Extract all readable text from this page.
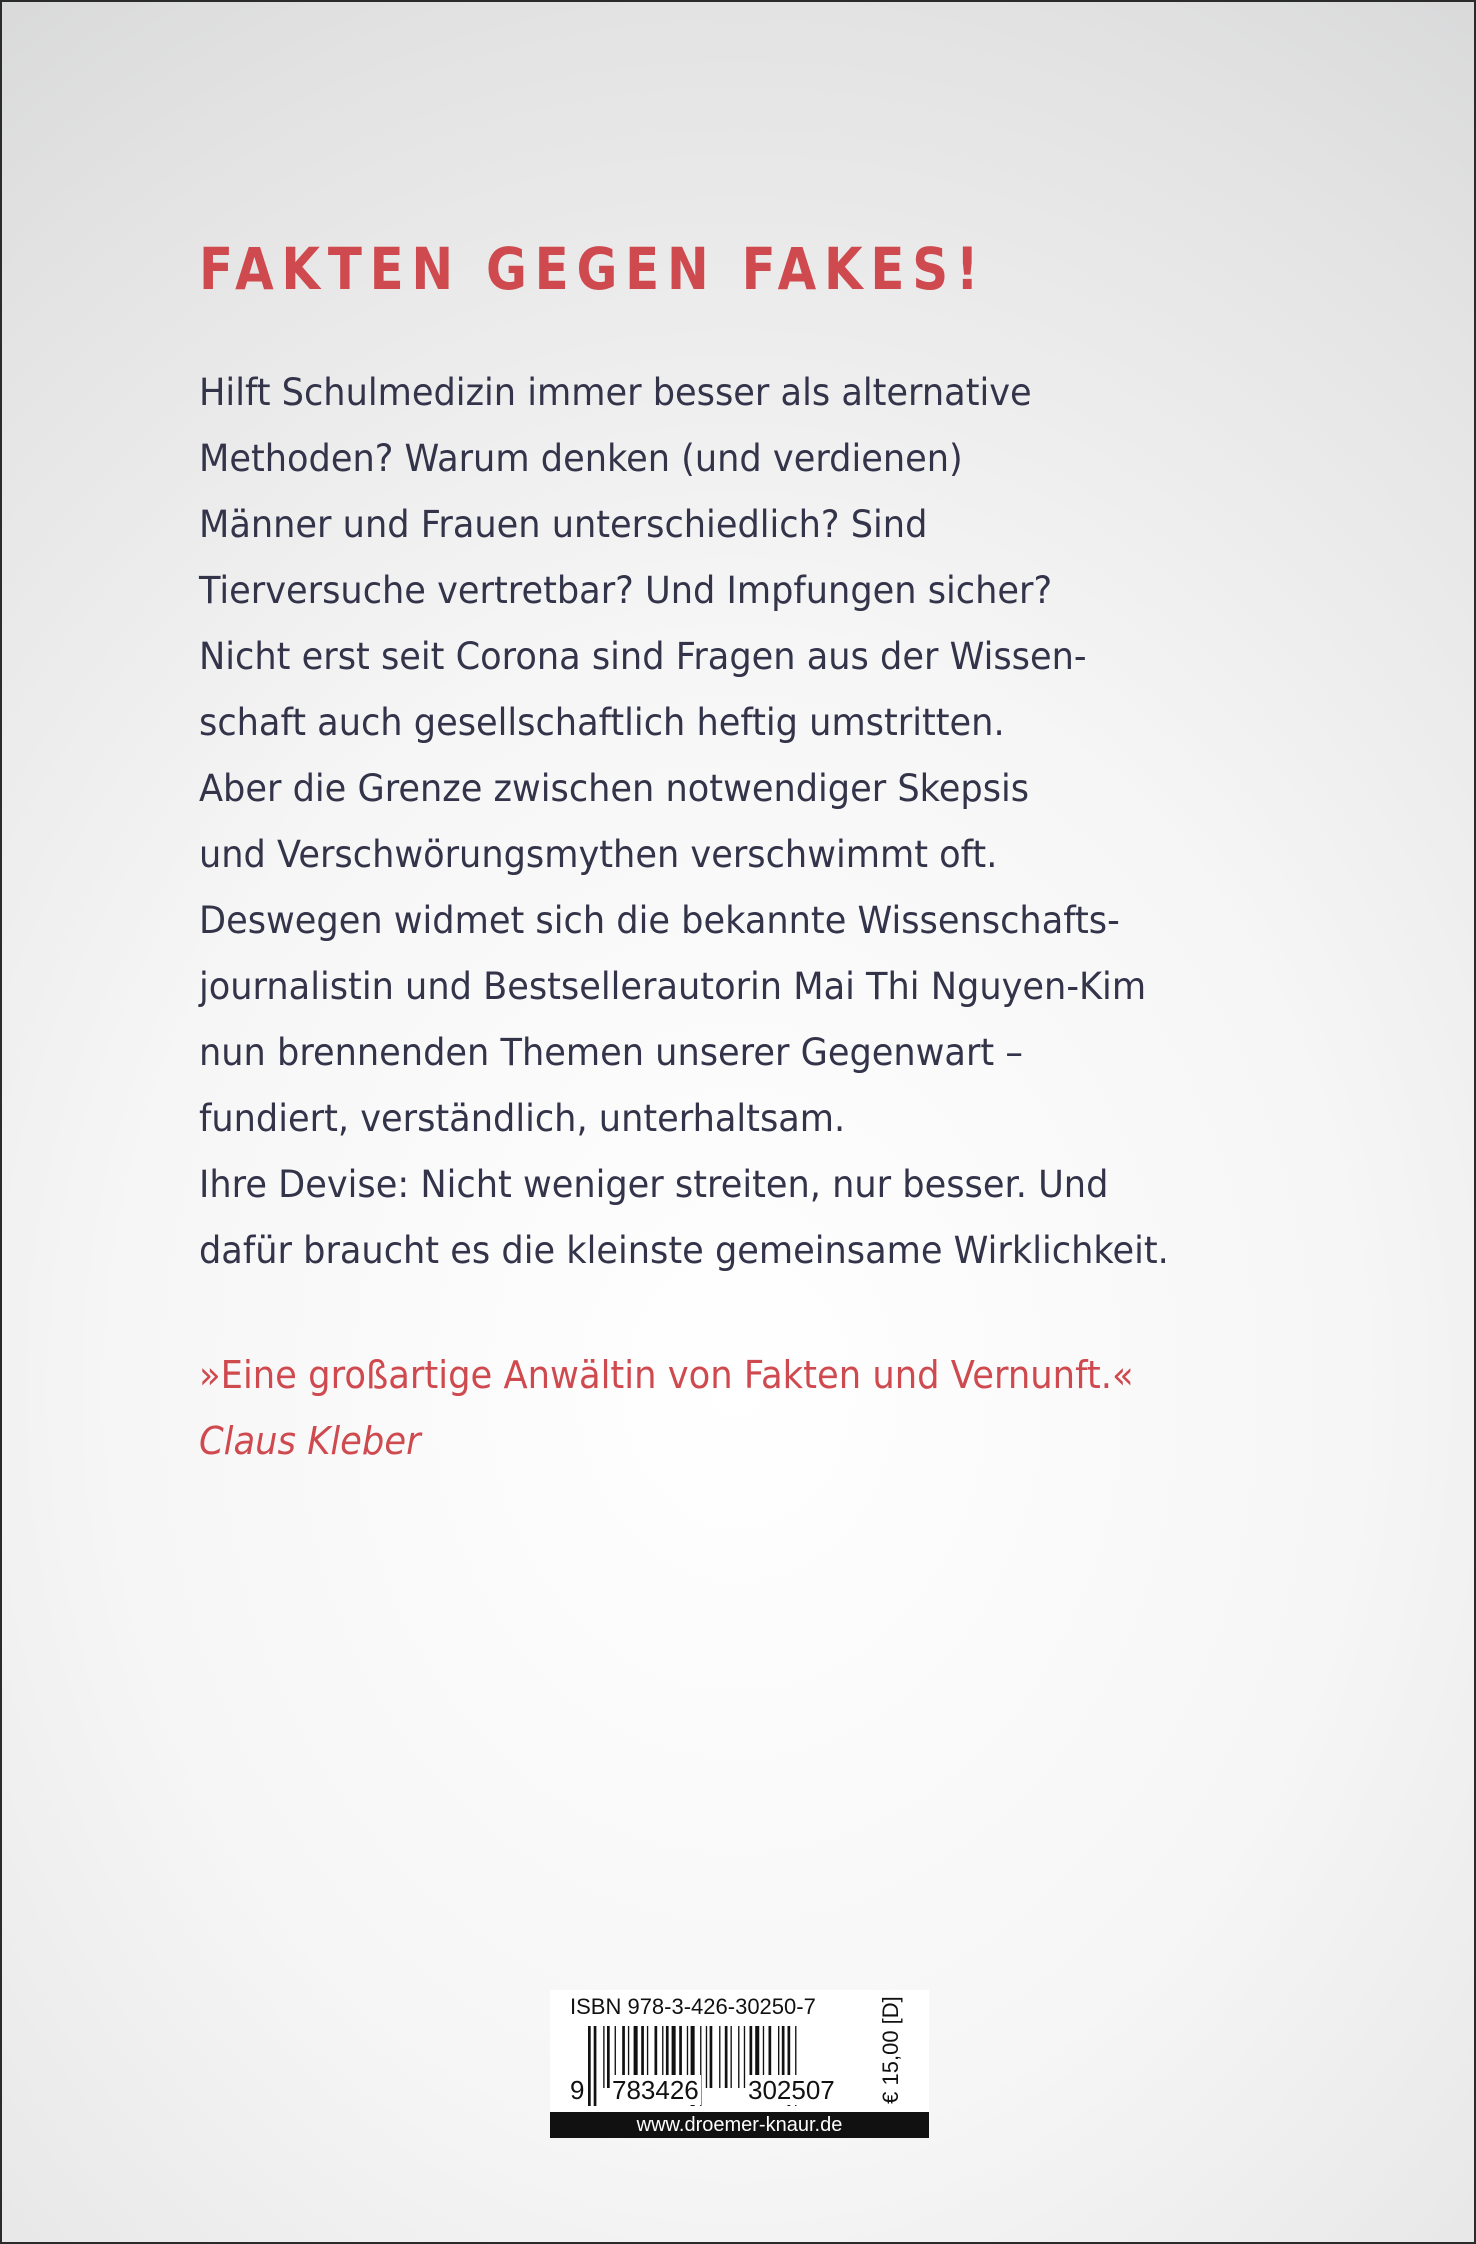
FAKTEN GEGEN FAKES!
Hilft Schulmedizin immer besser als alternative
Methoden? Warum denken (und verdienen)
Männer und Frauen unterschiedlich? Sind
Tierversuche vertretbar? Und Impfungen sicher?
Nicht erst seit Corona sind Fragen aus der Wissen-
schaft auch gesellschaftlich heftig umstritten.
Aber die Grenze zwischen notwendiger Skepsis
und Verschwörungsmythen verschwimmt oft.
Deswegen widmet sich die bekannte Wissenschafts-
journalistin und Bestsellerautorin Mai Thi Nguyen-Kim
nun brennenden Themen unserer Gegenwart –
fundiert, verständlich, unterhaltsam.
Ihre Devise: Nicht weniger streiten, nur besser. Und
dafür braucht es die kleinste gemeinsame Wirklichkeit.
»Eine großartige Anwältin von Fakten und Vernunft.«
Claus Kleber
ISBN 978-3-426-30250-7
9 783426 302507 € 15,00 [D]
www.droemer-knaur.de
